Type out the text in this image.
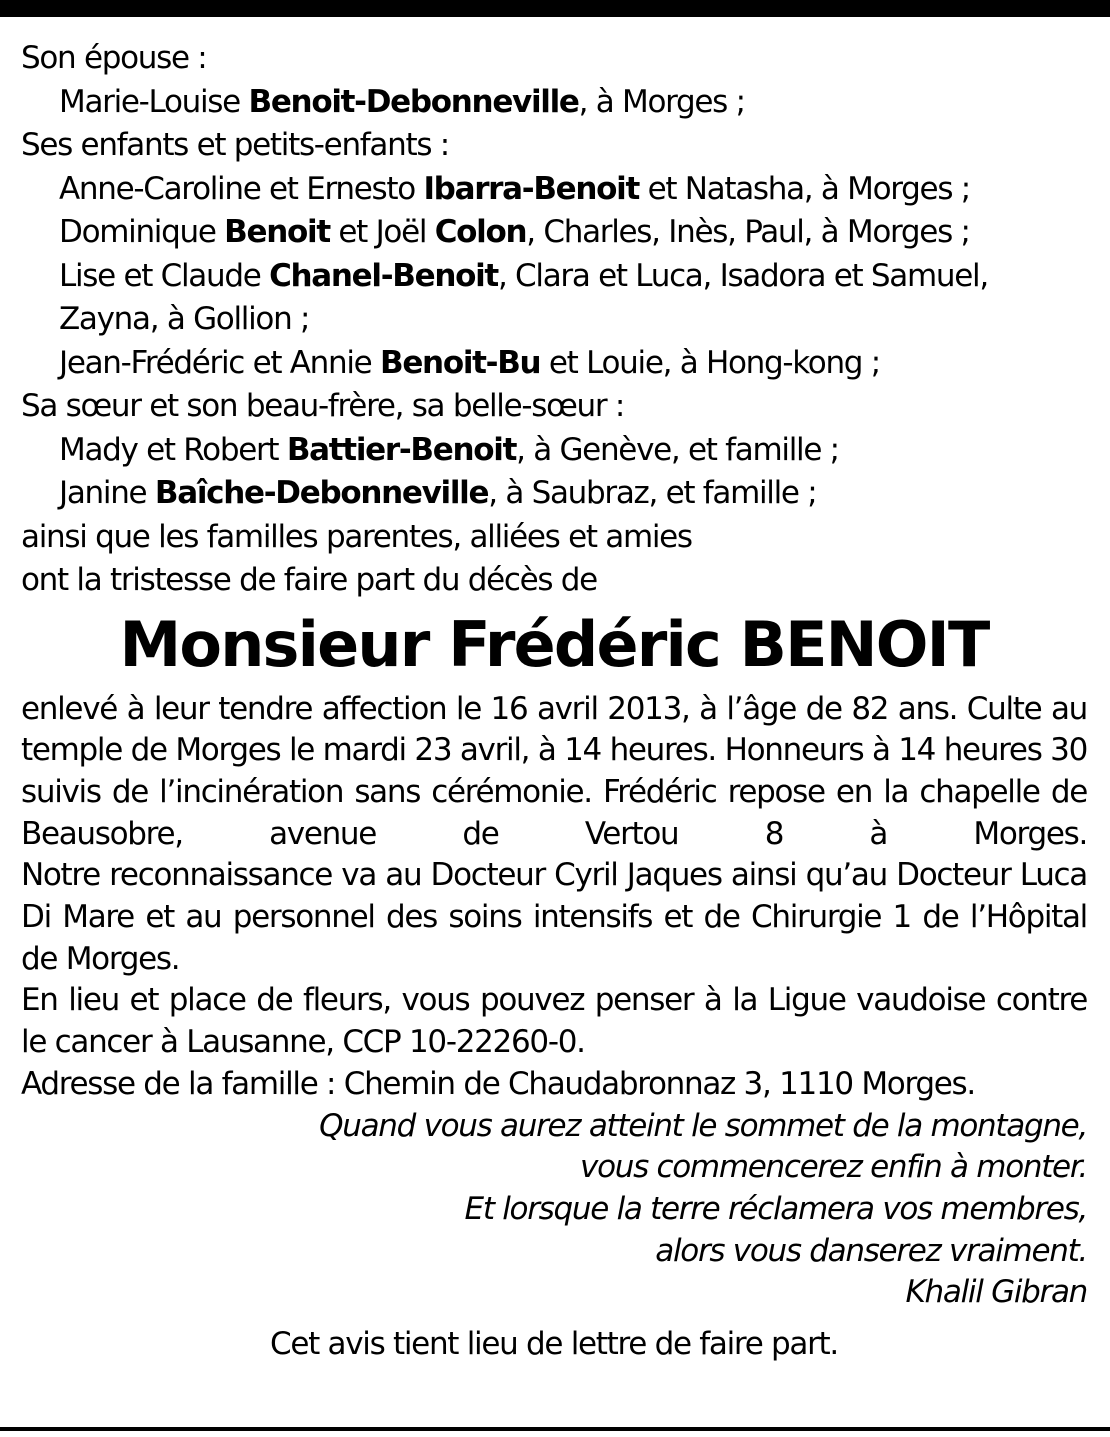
Son épouse :
Marie-Louise Benoit-Debonneville, à Morges ;
Ses enfants et petits-enfants :
Anne-Caroline et Ernesto Ibarra-Benoit et Natasha, à Morges ;
Dominique Benoit et Joël Colon, Charles, Inès, Paul, à Morges ;
Lise et Claude Chanel-Benoit, Clara et Luca, Isadora et Samuel,
Zayna, à Gollion ;
Jean-Frédéric et Annie Benoit-Bu et Louie, à Hong-kong ;
Sa sœur et son beau-frère, sa belle-sœur :
Mady et Robert Battier-Benoit, à Genève, et famille ;
Janine Baîche-Debonneville, à Saubraz, et famille ;
ainsi que les familles parentes, alliées et amies
ont la tristesse de faire part du décès de
Monsieur Frédéric BENOIT

enlevé à leur tendre affection le 16 avril 2013, à l’âge de 82 ans. Culte au temple de Morges le mardi 23 avril, à 14 heures. Honneurs à 14 heures 30 suivis de l’incinération sans cérémonie. Frédéric repose en la chapelle de Beausobre, avenue de Vertou 8 à Morges.

Notre reconnaissance va au Docteur Cyril Jaques ainsi qu’au Docteur Luca Di Mare et au personnel des soins intensifs et de Chirurgie 1 de l’Hôpital de Morges.

En lieu et place de fleurs, vous pouvez penser à la Ligue vaudoise contre le cancer à Lausanne, CCP 10-22260-0.

Adresse de la famille : Chemin de Chaudabronnaz 3, 1110 Morges.

Quand vous aurez atteint le sommet de la montagne,
vous commencerez enfin à monter.
Et lorsque la terre réclamera vos membres,
alors vous danserez vraiment.
Khalil Gibran
Cet avis tient lieu de lettre de faire part.
